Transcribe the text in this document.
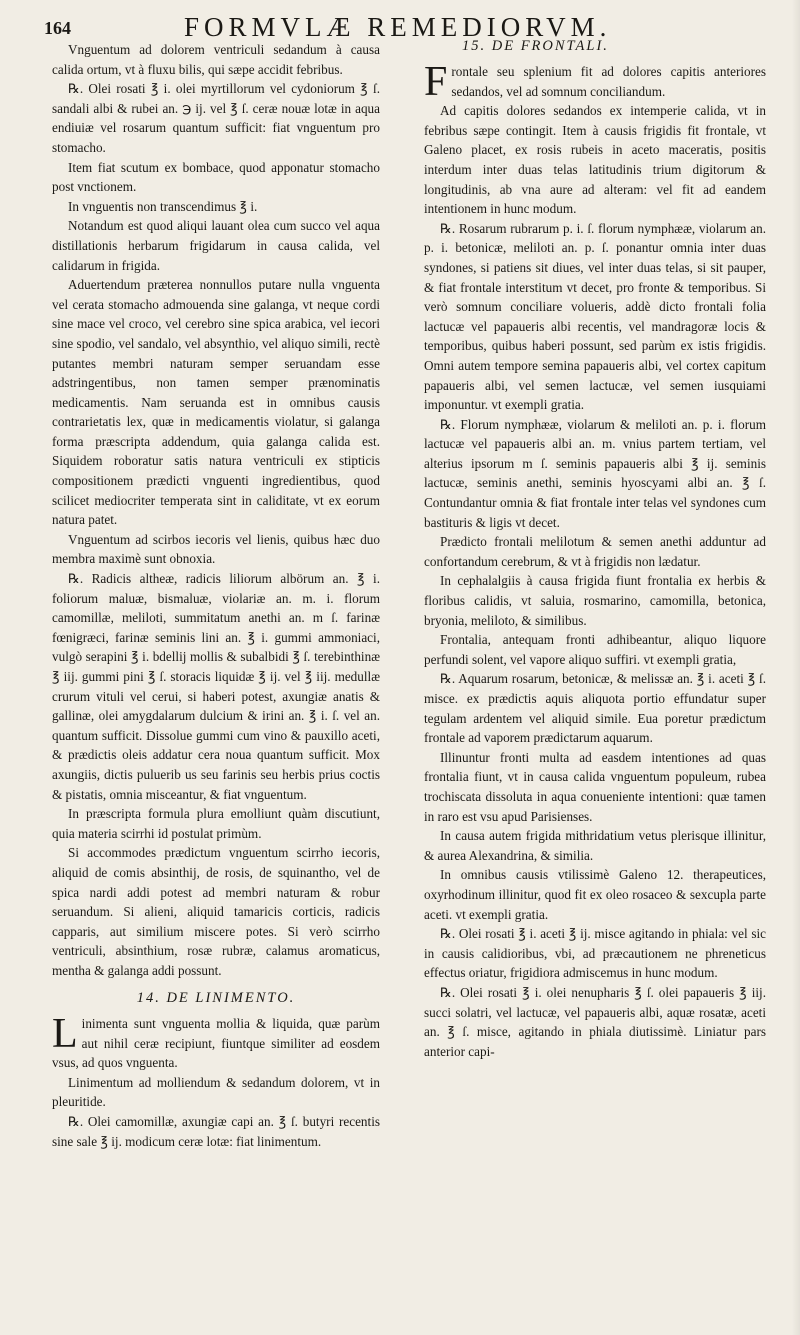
164	FORMVLÆ REMEDIORVM.
15. DE FRONTALI.

Vnguentum ad dolorem ventriculi sedandum à causa calida ortum, vt à fluxu bilis, qui sæpe accidit febribus.

℞. Olei rosati ℥ i. olei myrtillorum vel cydoniorum ℥ ſ. sandali albi & rubei an. ℈ ij. vel ℥ ſ. ceræ nouæ lotæ in aqua endiuiæ vel rosarum quantum sufficit: fiat vnguentum pro stomacho.

Item fiat scutum ex bombace, quod apponatur stomacho post vnctionem.

In vnguentis non transcendimus ℥ i.

Notandum est quod aliqui lauant olea cum succo vel aqua distillationis herbarum frigidarum in causa calida, vel calidarum in frigida.

Aduertendum præterea nonnullos putare nulla vnguenta vel cerata stomacho admouenda sine galanga, vt neque cordi sine mace vel croco, vel cerebro sine spica arabica, vel iecori sine spodio, vel sandalo, vel absynthio, vel aliquo simili, rectè putantes membri naturam semper seruandam esse adstringentibus, non tamen semper prænominatis medicamentis. Nam seruanda est in omnibus causis contrarietatis lex, quæ in medicamentis violatur, si galanga forma præscripta addendum, quia galanga calida est. Siquidem roboratur satis natura ventriculi ex stipticis compositionem prædicti vnguenti ingredientibus, quod scilicet mediocriter temperata sint in caliditate, vt ex eorum natura patet.

Vnguentum ad scirbos iecoris vel lienis, quibus hæc duo membra maximè sunt obnoxia.

℞. Radicis altheæ, radicis liliorum albörum an. ℥ i. foliorum maluæ, bismaluæ, violariæ an. m. i. florum camomillæ, meliloti, summitatum anethi an. m ſ. farinæ fœnigræci, farinæ seminis lini an. ℥ i. gummi ammoniaci, vulgò serapini ℥ i. bdellij mollis & subalbidi ℥ ſ. terebinthinæ ℥ iij. gummi pini ℥ ſ. storacis liquidæ ℥ ij. vel ℥ iij. medullæ crurum vituli vel cerui, si haberi potest, axungiæ anatis & gallinæ, olei amygdalarum dulcium & irini an. ℥ i. ſ. vel an. quantum sufficit. Dissolue gummi cum vino & pauxillo aceti, & prædictis oleis addatur cera noua quantum sufficit. Mox axungiis, dictis puluerib us seu farinis seu herbis prius coctis & pistatis, omnia misceantur, & fiat vnguentum.

In præscripta formula plura emolliunt quàm discutiunt, quia materia scirrhi id postulat primùm.

Si accommodes prædictum vnguentum scirrho iecoris, aliquid de comis absinthij, de rosis, de squinantho, vel de spica nardi addi potest ad membri naturam & robur seruandum. Si alieni, aliquid tamaricis corticis, radicis capparis, aut similium miscere potes. Si verò scirrho ventriculi, absinthium, rosæ rubræ, calamus aromaticus, mentha & galanga addi possunt.

14. DE LINIMENTO.

Linimenta sunt vnguenta mollia & liquida, quæ parùm aut nihil ceræ recipiunt, fiuntque similiter ad eosdem vsus, ad quos vnguenta.

Linimentum ad molliendum & sedandum dolorem, vt in pleuritide.

℞. Olei camomillæ, axungiæ capi an. ℥ ſ. butyri recentis sine sale ℥ ij. modicum ceræ lotæ: fiat linimentum.

Frontale seu splenium fit ad dolores capitis anteriores sedandos, vel ad somnum conciliandum.

Ad capitis dolores sedandos ex intemperie calida, vt in febribus sæpe contingit. Item à causis frigidis fit frontale, vt Galeno placet, ex rosis rubeis in aceto maceratis, positis interdum inter duas telas latitudinis trium digitorum & longitudinis, ab vna aure ad alteram: vel fit ad eandem intentionem in hunc modum.

℞. Rosarum rubrarum p. i. ſ. florum nymphææ, violarum an. p. i. betonicæ, meliloti an. p. ſ. ponantur omnia inter duas syndones, si patiens sit diues, vel inter duas telas, si sit pauper, & fiat frontale interstitum vt decet, pro fronte & temporibus. Si verò somnum conciliare volueris, addè dicto frontali folia lactucæ vel papaueris albi recentis, vel mandragoræ locis & temporibus, quibus haberi possunt, sed parùm ex istis frigidis. Omni autem tempore semina papaueris albi, vel cortex capitum papaueris albi, vel semen lactucæ, vel semen iusquiami imponuntur. vt exempli gratia.

℞. Florum nymphææ, violarum & meliloti an. p. i. florum lactucæ vel papaueris albi an. m. vnius partem tertiam, vel alterius ipsorum m ſ. seminis papaueris albi ℥ ij. seminis lactucæ, seminis anethi, seminis hyoscyami albi an. ℥ ſ. Contundantur omnia & fiat frontale inter telas vel syndones cum bastituris & ligis vt decet.

Prædicto frontali melilotum & semen anethi adduntur ad confortandum cerebrum, & vt à frigidis non lædatur.

In cephalalgiis à causa frigida fiunt frontalia ex herbis & floribus calidis, vt saluia, rosmarino, camomilla, betonica, bryonia, meliloto, & similibus.

Frontalia, antequam fronti adhibeantur, aliquo liquore perfundi solent, vel vapore aliquo suffiri. vt exempli gratia,

℞. Aquarum rosarum, betonicæ, & melissæ an. ℥ i. aceti ℥ ſ. misce. ex prædictis aquis aliquota portio effundatur super tegulam ardentem vel aliquid simile. Eua poretur prædictum frontale ad vaporem prædictarum aquarum.

Illinuntur fronti multa ad easdem intentiones ad quas frontalia fiunt, vt in causa calida vnguentum populeum, rubea trochiscata dissoluta in aqua conueniente intentioni: quæ tamen in raro est vsu apud Parisienses.

In causa autem frigida mithridatium vetus plerisque illinitur, & aurea Alexandrina, & similia.

In omnibus causis vtilissimè Galeno 12. therapeutices, oxyrhodinum illinitur, quod fit ex oleo rosaceo & sexcupla parte aceti. vt exempli gratia.

℞. Olei rosati ℥ i. aceti ℥ ij. misce agitando in phiala: vel sic in causis calidioribus, vbi, ad præcautionem ne phreneticus effectus oriatur, frigidiora admiscemus in hunc modum.

℞. Olei rosati ℥ i. olei nenupharis ℥ ſ. olei papaueris ℥ iij. succi solatri, vel lactucæ, vel papaueris albi, aquæ rosatæ, aceti an. ℥ ſ. misce, agitando in phiala diutissimè. Liniatur pars anterior capi-
